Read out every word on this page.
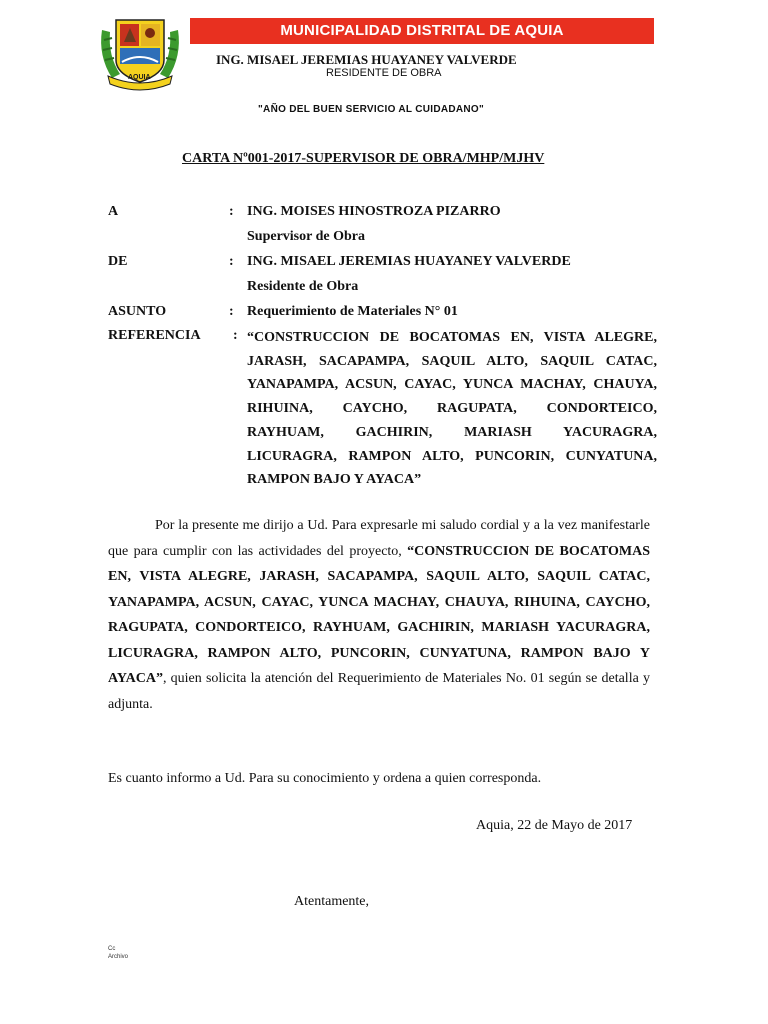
AQUIA
MUNICIPALIDAD DISTRITAL DE AQUIA
ING. MISAEL JEREMIAS HUAYANEY VALVERDE
RESIDENTE DE OBRA
"AÑO DEL BUEN SERVICIO AL CUIDADANO"
CARTA Nº001-2017-SUPERVISOR DE OBRA/MHP/MJHV
A	: ING. MOISES HINOSTROZA PIZARRO
Supervisor de Obra
DE	: ING. MISAEL JEREMIAS HUAYANEY VALVERDE
Residente de Obra
ASUNTO	: Requerimiento de Materiales N° 01
REFERENCIA : “CONSTRUCCION DE BOCATOMAS EN, VISTA ALEGRE, JARASH, SACAPAMPA, SAQUIL ALTO, SAQUIL CATAC, YANAPAMPA, ACSUN, CAYAC, YUNCA MACHAY, CHAUYA, RIHUINA, CAYCHO, RAGUPATA, CONDORTEICO, RAYHUAM, GACHIRIN, MARIASH YACURAGRA, LICURAGRA, RAMPON ALTO, PUNCORIN, CUNYATUNA, RAMPON BAJO Y AYACA”
Por la presente me dirijo a Ud. Para expresarle mi saludo cordial y a la vez manifestarle que para cumplir con las actividades del proyecto, “CONSTRUCCION DE BOCATOMAS EN, VISTA ALEGRE, JARASH, SACAPAMPA, SAQUIL ALTO, SAQUIL CATAC, YANAPAMPA, ACSUN, CAYAC, YUNCA MACHAY, CHAUYA, RIHUINA, CAYCHO, RAGUPATA, CONDORTEICO, RAYHUAM, GACHIRIN, MARIASH YACURAGRA, LICURAGRA, RAMPON ALTO, PUNCORIN, CUNYATUNA, RAMPON BAJO Y AYACA”, quien solicita la atención del Requerimiento de Materiales No. 01 según se detalla y adjunta.
Es cuanto informo a Ud. Para su conocimiento y ordena a quien corresponda.
Aquia, 22 de Mayo de 2017
Atentamente,
Cc
Archivo
